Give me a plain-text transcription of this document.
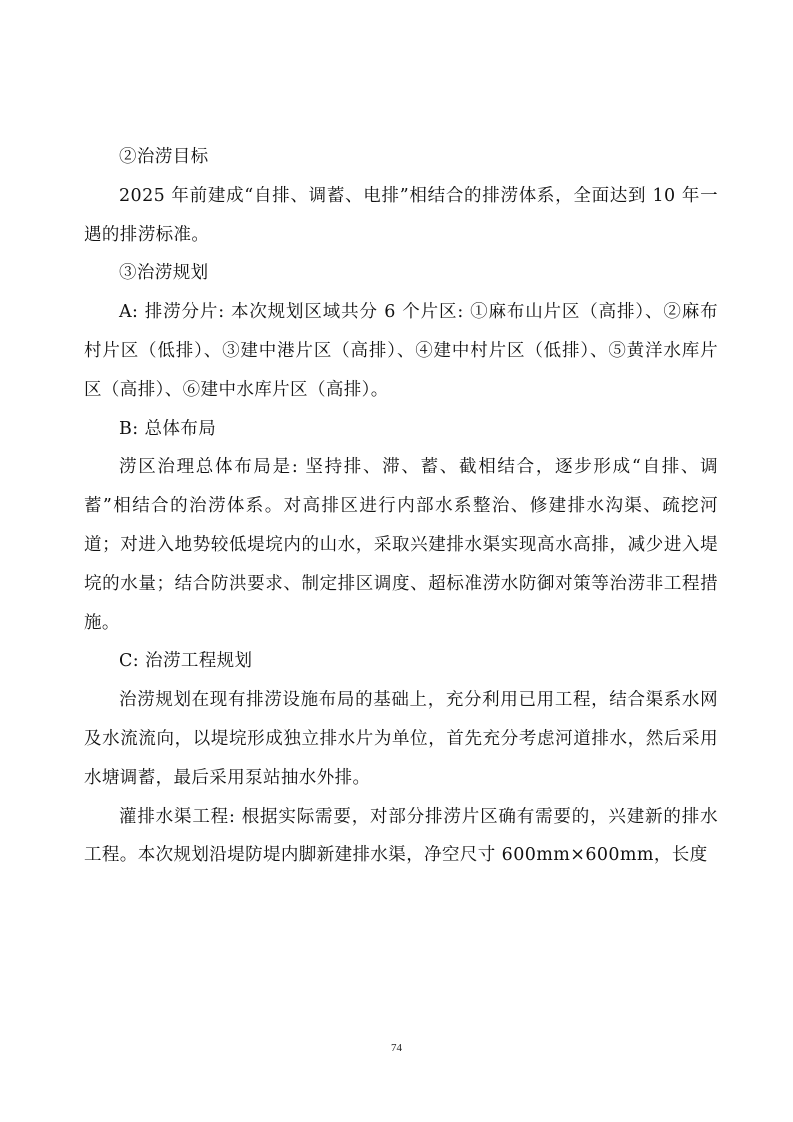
②治涝目标

2025 年前建成“自排、调蓄、电排”相结合的排涝体系，全面达到 10 年一遇的排涝标准。

③治涝规划

A: 排涝分片: 本次规划区域共分 6 个片区: ①麻布山片区（高排）、②麻布村片区（低排）、③建中港片区（高排）、④建中村片区（低排）、⑤黄洋水库片区（高排）、⑥建中水库片区（高排）。

B: 总体布局

涝区治理总体布局是: 坚持排、滞、蓄、截相结合，逐步形成“自排、调蓄”相结合的治涝体系。对高排区进行内部水系整治、修建排水沟渠、疏挖河道；对进入地势较低堤垸内的山水，采取兴建排水渠实现高水高排，减少进入堤垸的水量；结合防洪要求、制定排区调度、超标准涝水防御对策等治涝非工程措施。

C: 治涝工程规划

治涝规划在现有排涝设施布局的基础上，充分利用已用工程，结合渠系水网及水流流向，以堤垸形成独立排水片为单位，首先充分考虑河道排水，然后采用水塘调蓄，最后采用泵站抽水外排。

灌排水渠工程: 根据实际需要，对部分排涝片区确有需要的，兴建新的排水工程。本次规划沿堤防堤内脚新建排水渠，净空尺寸 600mm×600mm，长度

74
